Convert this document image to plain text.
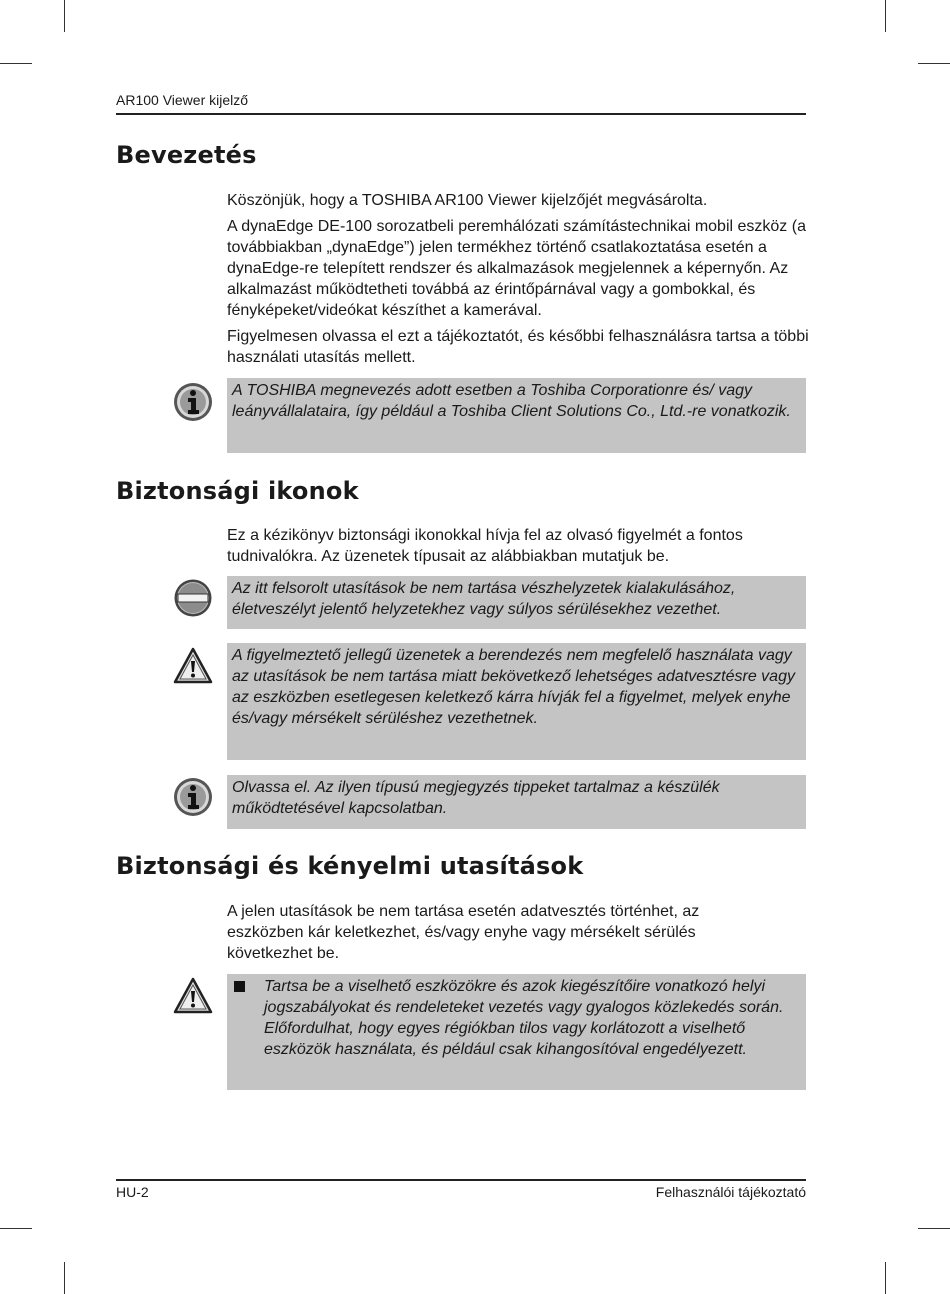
AR100 Viewer kijelző
Bevezetés

Köszönjük, hogy a TOSHIBA AR100 Viewer kijelzőjét megvásárolta.

A dynaEdge DE-100 sorozatbeli peremhálózati számítástechnikai mobil eszköz (a továbbiakban „dynaEdge”) jelen termékhez történő csatlakoztatása esetén a dynaEdge-re telepített rendszer és alkalmazások megjelennek a képernyőn. Az alkalmazást működtetheti továbbá az érintőpárnával vagy a gombokkal, és fényképeket/videókat készíthet a kamerával.

Figyelmesen olvassa el ezt a tájékoztatót, és későbbi felhasználásra tartsa a többi használati utasítás mellett.

A TOSHIBA megnevezés adott esetben a Toshiba Corporationre és/ vagy leányvállalataira, így például a Toshiba Client Solutions Co., Ltd.-re vonatkozik.
Biztonsági ikonok

Ez a kézikönyv biztonsági ikonokkal hívja fel az olvasó figyelmét a fontos tudnivalókra. Az üzenetek típusait az alábbiakban mutatjuk be.

Az itt felsorolt utasítások be nem tartása vészhelyzetek kialakulásához, életveszélyt jelentő helyzetekhez vagy súlyos sérülésekhez vezethet.
A figyelmeztető jellegű üzenetek a berendezés nem megfelelő használata vagy az utasítások be nem tartása miatt bekövetkező lehetséges adatvesztésre vagy az eszközben esetlegesen keletkező kárra hívják fel a figyelmet, melyek enyhe és/vagy mérsékelt sérüléshez vezethetnek.
Olvassa el. Az ilyen típusú megjegyzés tippeket tartalmaz a készülék működtetésével kapcsolatban.
Biztonsági és kényelmi utasítások

A jelen utasítások be nem tartása esetén adatvesztés történhet, az eszközben kár keletkezhet, és/vagy enyhe vagy mérsékelt sérülés következhet be.

Tartsa be a viselhető eszközökre és azok kiegészítőire vonatkozó helyi jogszabályokat és rendeleteket vezetés vagy gyalogos közlekedés során. Előfordulhat, hogy egyes régiókban tilos vagy korlátozott a viselhető eszközök használata, és például csak kihangosítóval engedélyezett.
HU-2	Felhasználói tájékoztató
